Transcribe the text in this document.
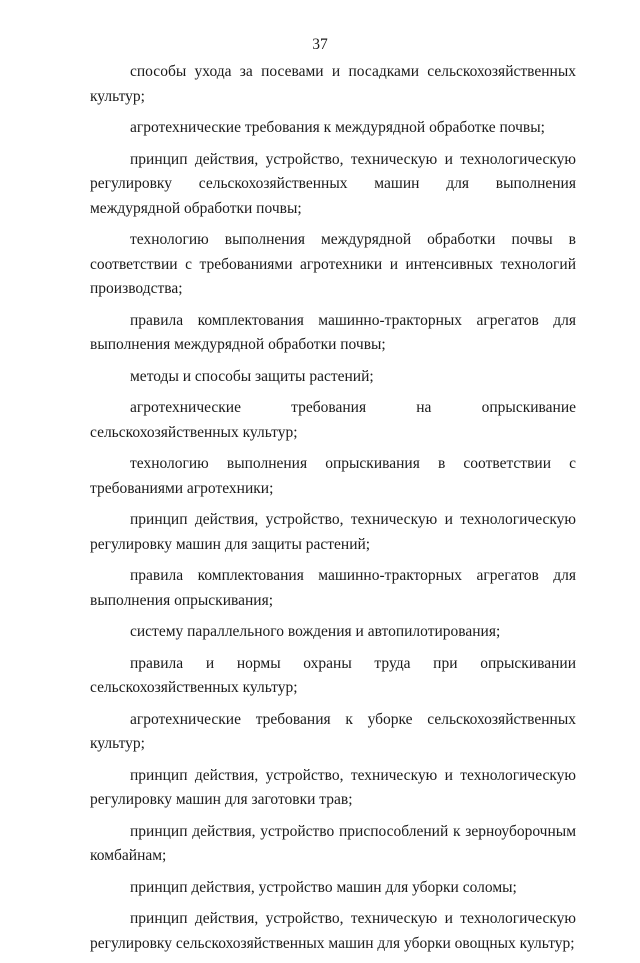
37

способы ухода за посевами и посадками сельскохозяйственных культур;

агротехнические требования к междурядной обработке почвы;

принцип действия, устройство, техническую и технологическую регулировку сельскохозяйственных машин для выполнения междурядной обработки почвы;

технологию выполнения междурядной обработки почвы в соответствии с требованиями агротехники и интенсивных технологий производства;

правила комплектования машинно-тракторных агрегатов для выполнения междурядной обработки почвы;

методы и способы защиты растений;

агротехнические требования на опрыскивание сельскохозяйственных культур;

технологию выполнения опрыскивания в соответствии с требованиями агротехники;

принцип действия, устройство, техническую и технологическую регулировку машин для защиты растений;

правила комплектования машинно-тракторных агрегатов для выполнения опрыскивания;

систему параллельного вождения и автопилотирования;

правила и нормы охраны труда при опрыскивании сельскохозяйственных культур;

агротехнические требования к уборке сельскохозяйственных культур;

принцип действия, устройство, техническую и технологическую регулировку машин для заготовки трав;

принцип действия, устройство приспособлений к зерноуборочным комбайнам;

принцип действия, устройство машин для уборки соломы;

принцип действия, устройство, техническую и технологическую регулировку сельскохозяйственных машин для уборки овощных культур;
